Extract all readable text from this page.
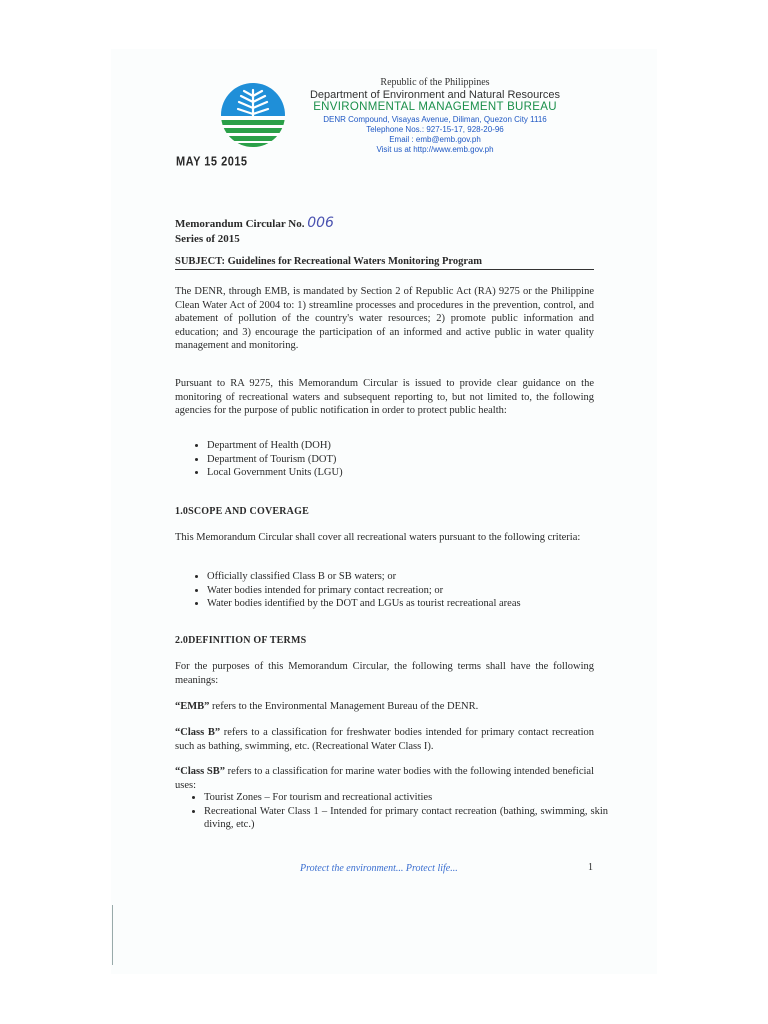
Republic of the Philippines
Department of Environment and Natural Resources
ENVIRONMENTAL MANAGEMENT BUREAU
DENR Compound, Visayas Avenue, Diliman, Quezon City 1116
Telephone Nos.: 927-15-17, 928-20-96
Email : emb@emb.gov.ph
Visit us at http://www.emb.gov.ph
MAY 15 2015
Memorandum Circular No. 006
Series of 2015
SUBJECT: Guidelines for Recreational Waters Monitoring Program
The DENR, through EMB, is mandated by Section 2 of Republic Act (RA) 9275 or the Philippine Clean Water Act of 2004 to: 1) streamline processes and procedures in the prevention, control, and abatement of pollution of the country's water resources; 2) promote public information and education; and 3) encourage the participation of an informed and active public in water quality management and monitoring.
Pursuant to RA 9275, this Memorandum Circular is issued to provide clear guidance on the monitoring of recreational waters and subsequent reporting to, but not limited to, the following agencies for the purpose of public notification in order to protect public health:
• Department of Health (DOH)
• Department of Tourism (DOT)
• Local Government Units (LGU)
1.0SCOPE AND COVERAGE
This Memorandum Circular shall cover all recreational waters pursuant to the following criteria:
• Officially classified Class B or SB waters; or
• Water bodies intended for primary contact recreation; or
• Water bodies identified by the DOT and LGUs as tourist recreational areas
2.0DEFINITION OF TERMS
For the purposes of this Memorandum Circular, the following terms shall have the following meanings:
“EMB” refers to the Environmental Management Bureau of the DENR.
“Class B” refers to a classification for freshwater bodies intended for primary contact recreation such as bathing, swimming, etc. (Recreational Water Class I).
“Class SB” refers to a classification for marine water bodies with the following intended beneficial uses:
• Tourist Zones – For tourism and recreational activities
• Recreational Water Class 1 – Intended for primary contact recreation (bathing, swimming, skin diving, etc.)
Protect the environment... Protect life...	1
